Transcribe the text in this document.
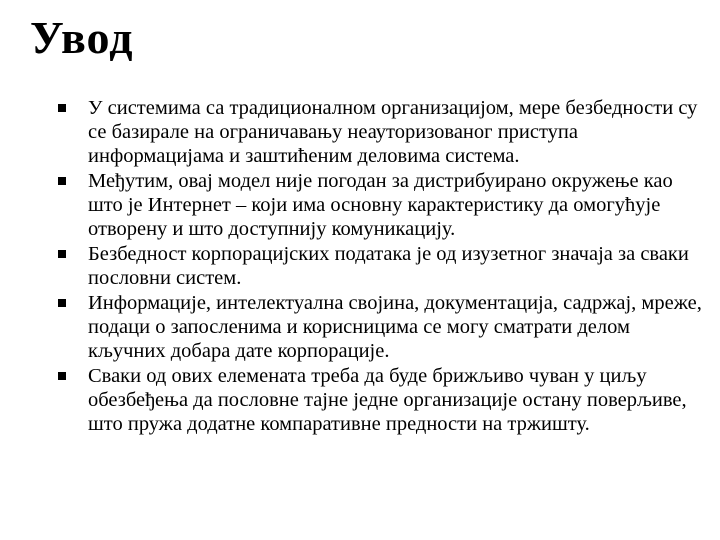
Увод
У системима са традиционалном организацијом, мере безбедности су се базирале на ограничавању неауторизованог приступа информацијама и заштићеним деловима система.
Међутим, овај модел није погодан за дистрибуирано окружење као што је Интернет – који има основну карактеристику да омогућује отворену и што доступнију комуникацију.
Безбедност корпорацијских података је од изузетног значаја за сваки пословни систем.
Информације, интелектуална својина, документација, садржај, мреже, подаци о запосленима и корисницима се могу сматрати делом кључних добара дате корпорације.
Сваки од ових елемената треба да буде брижљиво чуван у циљу обезбеђења да пословне тајне једне организације остану поверљиве, што пружа додатне компаративне предности на тржишту.
